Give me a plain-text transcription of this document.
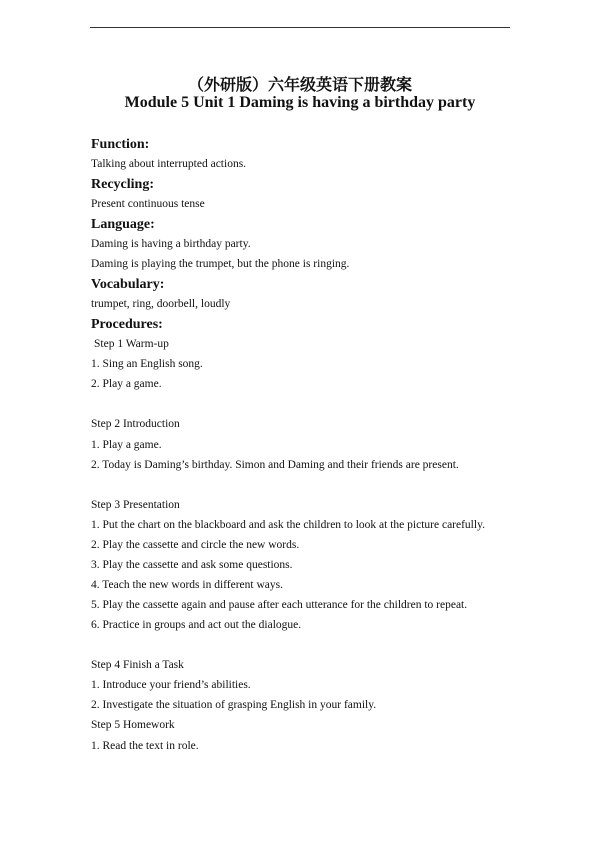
（外研版）六年级英语下册教案
Module 5 Unit 1 Daming is having a birthday party
Function:
Talking about interrupted actions.
Recycling:
Present continuous tense
Language:
Daming is having a birthday party.
Daming is playing the trumpet, but the phone is ringing.
Vocabulary:
trumpet, ring, doorbell, loudly
Procedures:
Step 1 Warm-up
1. Sing an English song.
2. Play a game.
Step 2 Introduction
1. Play a game.
2. Today is Daming’s birthday. Simon and Daming and their friends are present.
Step 3 Presentation
1. Put the chart on the blackboard and ask the children to look at the picture carefully.
2. Play the cassette and circle the new words.
3. Play the cassette and ask some questions.
4. Teach the new words in different ways.
5. Play the cassette again and pause after each utterance for the children to repeat.
6. Practice in groups and act out the dialogue.
Step 4 Finish a Task
1. Introduce your friend’s abilities.
2. Investigate the situation of grasping English in your family.
Step 5 Homework
1. Read the text in role.
